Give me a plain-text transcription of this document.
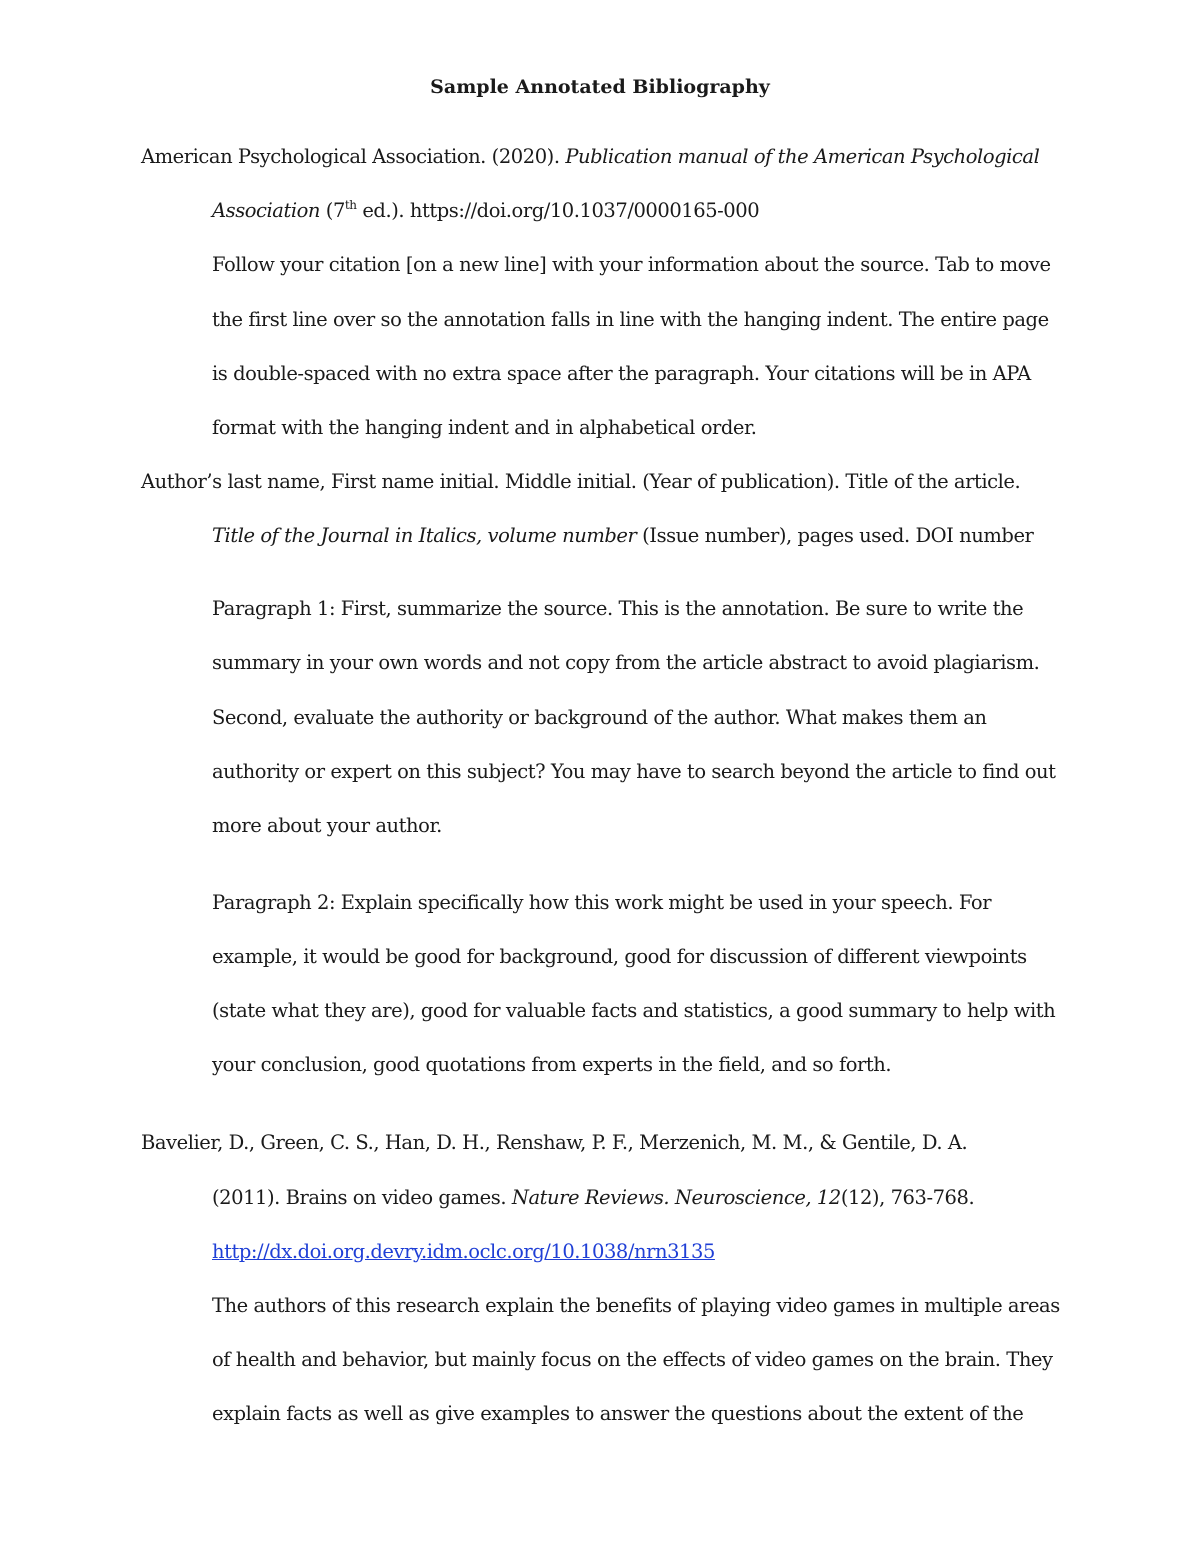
Sample Annotated Bibliography
American Psychological Association. (2020). Publication manual of the American Psychological
Association (7th ed.). https://doi.org/10.1037/0000165-000
Follow your citation [on a new line] with your information about the source. Tab to move
the first line over so the annotation falls in line with the hanging indent. The entire page
is double-spaced with no extra space after the paragraph. Your citations will be in APA
format with the hanging indent and in alphabetical order.
Author’s last name, First name initial. Middle initial. (Year of publication). Title of the article.
Title of the Journal in Italics, volume number (Issue number), pages used. DOI number
Paragraph 1: First, summarize the source. This is the annotation. Be sure to write the
summary in your own words and not copy from the article abstract to avoid plagiarism.
Second, evaluate the authority or background of the author. What makes them an
authority or expert on this subject? You may have to search beyond the article to find out
more about your author.
Paragraph 2: Explain specifically how this work might be used in your speech. For
example, it would be good for background, good for discussion of different viewpoints
(state what they are), good for valuable facts and statistics, a good summary to help with
your conclusion, good quotations from experts in the field, and so forth.
Bavelier, D., Green, C. S., Han, D. H., Renshaw, P. F., Merzenich, M. M., & Gentile, D. A.
(2011). Brains on video games. Nature Reviews. Neuroscience, 12(12), 763-768.
http://dx.doi.org.devry.idm.oclc.org/10.1038/nrn3135
The authors of this research explain the benefits of playing video games in multiple areas
of health and behavior, but mainly focus on the effects of video games on the brain. They
explain facts as well as give examples to answer the questions about the extent of the
